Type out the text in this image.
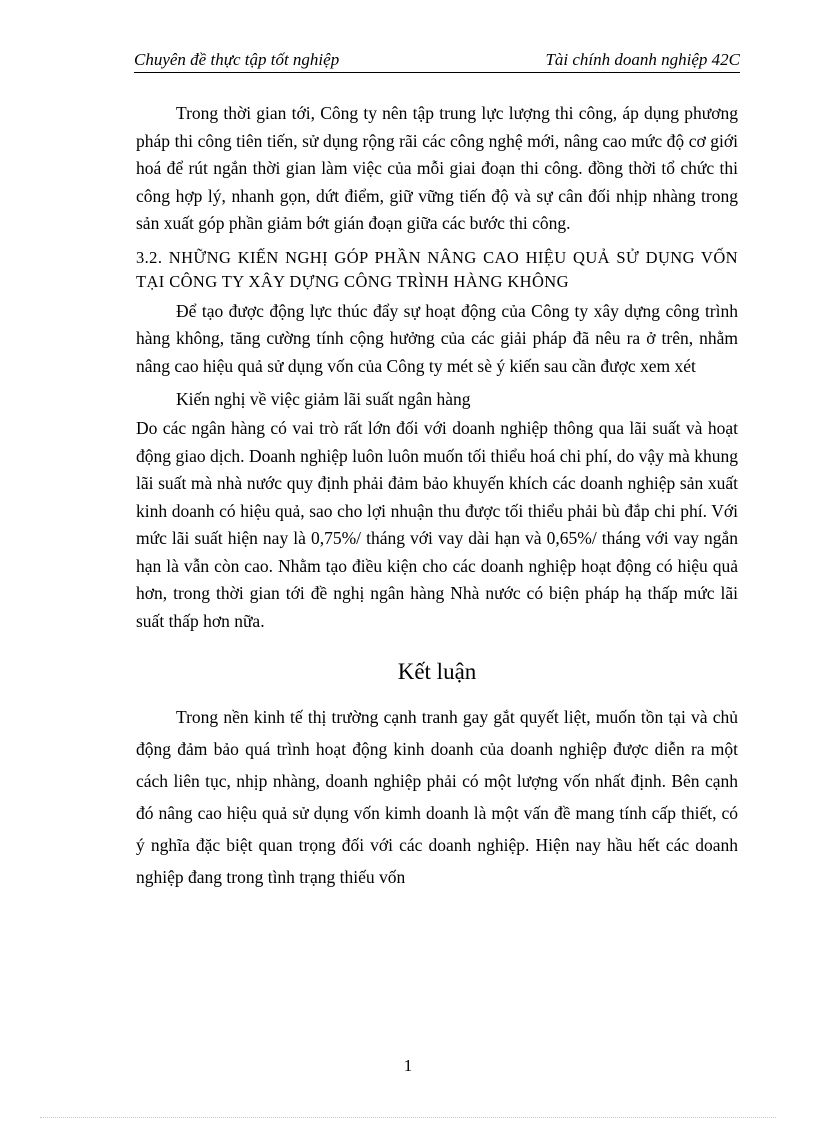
Chuyên đề thực tập tốt nghiệp	Tài chính doanh nghiệp 42C

Trong thời gian tới, Công ty nên tập trung lực lượng thi công, áp dụng phương pháp thi công tiên tiến, sử dụng rộng rãi các công nghệ mới, nâng cao mức độ cơ giới hoá để rút ngắn thời gian làm việc của mỗi giai đoạn thi công. đồng thời tổ chức thi công hợp lý, nhanh gọn, dứt điểm, giữ vững tiến độ và sự cân đối nhịp nhàng trong sản xuất góp phần giảm bớt gián đoạn giữa các bước thi công.

3.2. NHỮNG KIẾN NGHỊ GÓP PHẦN NÂNG CAO HIỆU QUẢ SỬ DỤNG VỐN TẠI CÔNG TY XÂY DỰNG CÔNG TRÌNH HÀNG KHÔNG

Để tạo được động lực thúc đẩy sự hoạt động của Công ty xây dựng công trình hàng không, tăng cường tính cộng hưởng của các giải pháp đã nêu ra ở trên, nhằm nâng cao hiệu quả sử dụng vốn của Công ty mét sè ý kiến sau cần được xem xét

Kiến nghị về việc giảm lãi suất ngân hàng

Do các ngân hàng có vai trò rất lớn đối với doanh nghiệp thông qua lãi suất và hoạt động giao dịch. Doanh nghiệp luôn luôn muốn tối thiểu hoá chi phí, do vậy mà khung lãi suất mà nhà nước quy định phải đảm bảo khuyến khích các doanh nghiệp sản xuất kinh doanh có hiệu quả, sao cho lợi nhuận thu được tối thiểu phải bù đắp chi phí. Với mức lãi suất hiện nay là 0,75%/ tháng với vay dài hạn và 0,65%/ tháng với vay ngắn hạn là vẫn còn cao. Nhằm tạo điều kiện cho các doanh nghiệp hoạt động có hiệu quả hơn, trong thời gian tới đề nghị ngân hàng Nhà nước có biện pháp hạ thấp mức lãi suất thấp hơn nữa.

Kết luận

Trong nền kinh tế thị trường cạnh tranh gay gắt quyết liệt, muốn tồn tại và chủ động đảm bảo quá trình hoạt động kinh doanh của doanh nghiệp được diễn ra một cách liên tục, nhịp nhàng, doanh nghiệp phải có một lượng vốn nhất định. Bên cạnh đó nâng cao hiệu quả sử dụng vốn kimh doanh là một vấn đề mang tính cấp thiết, có ý nghĩa đặc biệt quan trọng đối với các doanh nghiệp. Hiện nay hầu hết các doanh nghiệp đang trong tình trạng thiếu vốn

1
